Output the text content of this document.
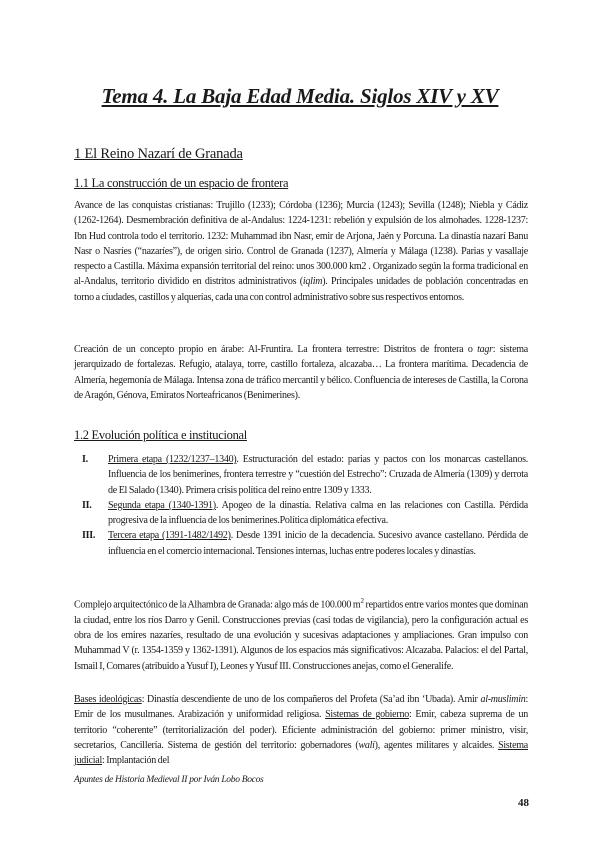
Tema 4. La Baja Edad Media. Siglos XIV y XV
1 El Reino Nazarí de Granada
1.1 La construcción de un espacio de frontera
Avance de las conquistas cristianas: Trujillo (1233); Córdoba (1236); Murcia (1243); Sevilla (1248); Niebla y Cádiz (1262-1264). Desmembración definitiva de al-Andalus: 1224-1231: rebelión y expulsión de los almohades. 1228-1237: Ibn Hud controla todo el territorio. 1232: Muhammad ibn Nasr, emir de Arjona, Jaén y Porcuna. La dinastía nazarí Banu Nasr o Nasríes (“nazaríes”), de origen sirio. Control de Granada (1237), Almería y Málaga (1238). Parias y vasallaje respecto a Castilla. Máxima expansión territorial del reino: unos 300.000 km2 . Organizado según la forma tradicional en al-Andalus, territorio dividido en distritos administrativos (iqlim). Principales unidades de población concentradas en torno a ciudades, castillos y alquerías, cada una con control administrativo sobre sus respectivos entornos.
Creación de un concepto propio en árabe: Al-Fruntira. La frontera terrestre: Distritos de frontera o tagr: sistema jerarquizado de fortalezas. Refugio, atalaya, torre, castillo fortaleza, alcazaba… La frontera marítima. Decadencia de Almería, hegemonía de Málaga. Intensa zona de tráfico mercantil y bélico. Confluencia de intereses de Castilla, la Corona de Aragón, Génova, Emiratos Norteafricanos (Benimerines).
1.2 Evolución política e institucional
I. Primera etapa (1232/1237–1340). Estructuración del estado: parias y pactos con los monarcas castellanos. Influencia de los benimerines, frontera terrestre y “cuestión del Estrecho”: Cruzada de Almería (1309) y derrota de El Salado (1340). Primera crisis política del reino entre 1309 y 1333.
II. Segunda etapa (1340-1391). Apogeo de la dinastía. Relativa calma en las relaciones con Castilla. Pérdida progresiva de la influencia de los benimerines.Política diplomática efectiva.
III. Tercera etapa (1391-1482/1492). Desde 1391 inicio de la decadencia. Sucesivo avance castellano. Pérdida de influencia en el comercio internacional. Tensiones internas, luchas entre poderes locales y dinastías.
Complejo arquitectónico de la Alhambra de Granada: algo más de 100.000 $m^2$ repartidos entre varios montes que dominan la ciudad, entre los ríos Darro y Genil. Construcciones previas (casi todas de vigilancia), pero la configuración actual es obra de los emires nazaríes, resultado de una evolución y sucesivas adaptaciones y ampliaciones. Gran impulso con Muhammad V (r. 1354-1359 y 1362-1391). Algunos de los espacios más significativos: Alcazaba. Palacios: el del Partal, Ismail I, Comares (atribuido a Yusuf I), Leones y Yusuf III. Construcciones anejas, como el Generalife.
Bases ideológicas: Dinastía descendiente de uno de los compañeros del Profeta (Sa’ad ibn ‘Ubada). Amir al-muslimin: Emir de los musulmanes. Arabización y uniformidad religiosa. Sistemas de gobierno: Emir, cabeza suprema de un territorio “coherente” (territorialización del poder). Eficiente administración del gobierno: primer ministro, visir, secretarios, Cancillería. Sistema de gestión del territorio: gobernadores (wali), agentes militares y alcaides. Sistema judicial: Implantación del
Apuntes de Historia Medieval II por Iván Lobo Bocos
48
